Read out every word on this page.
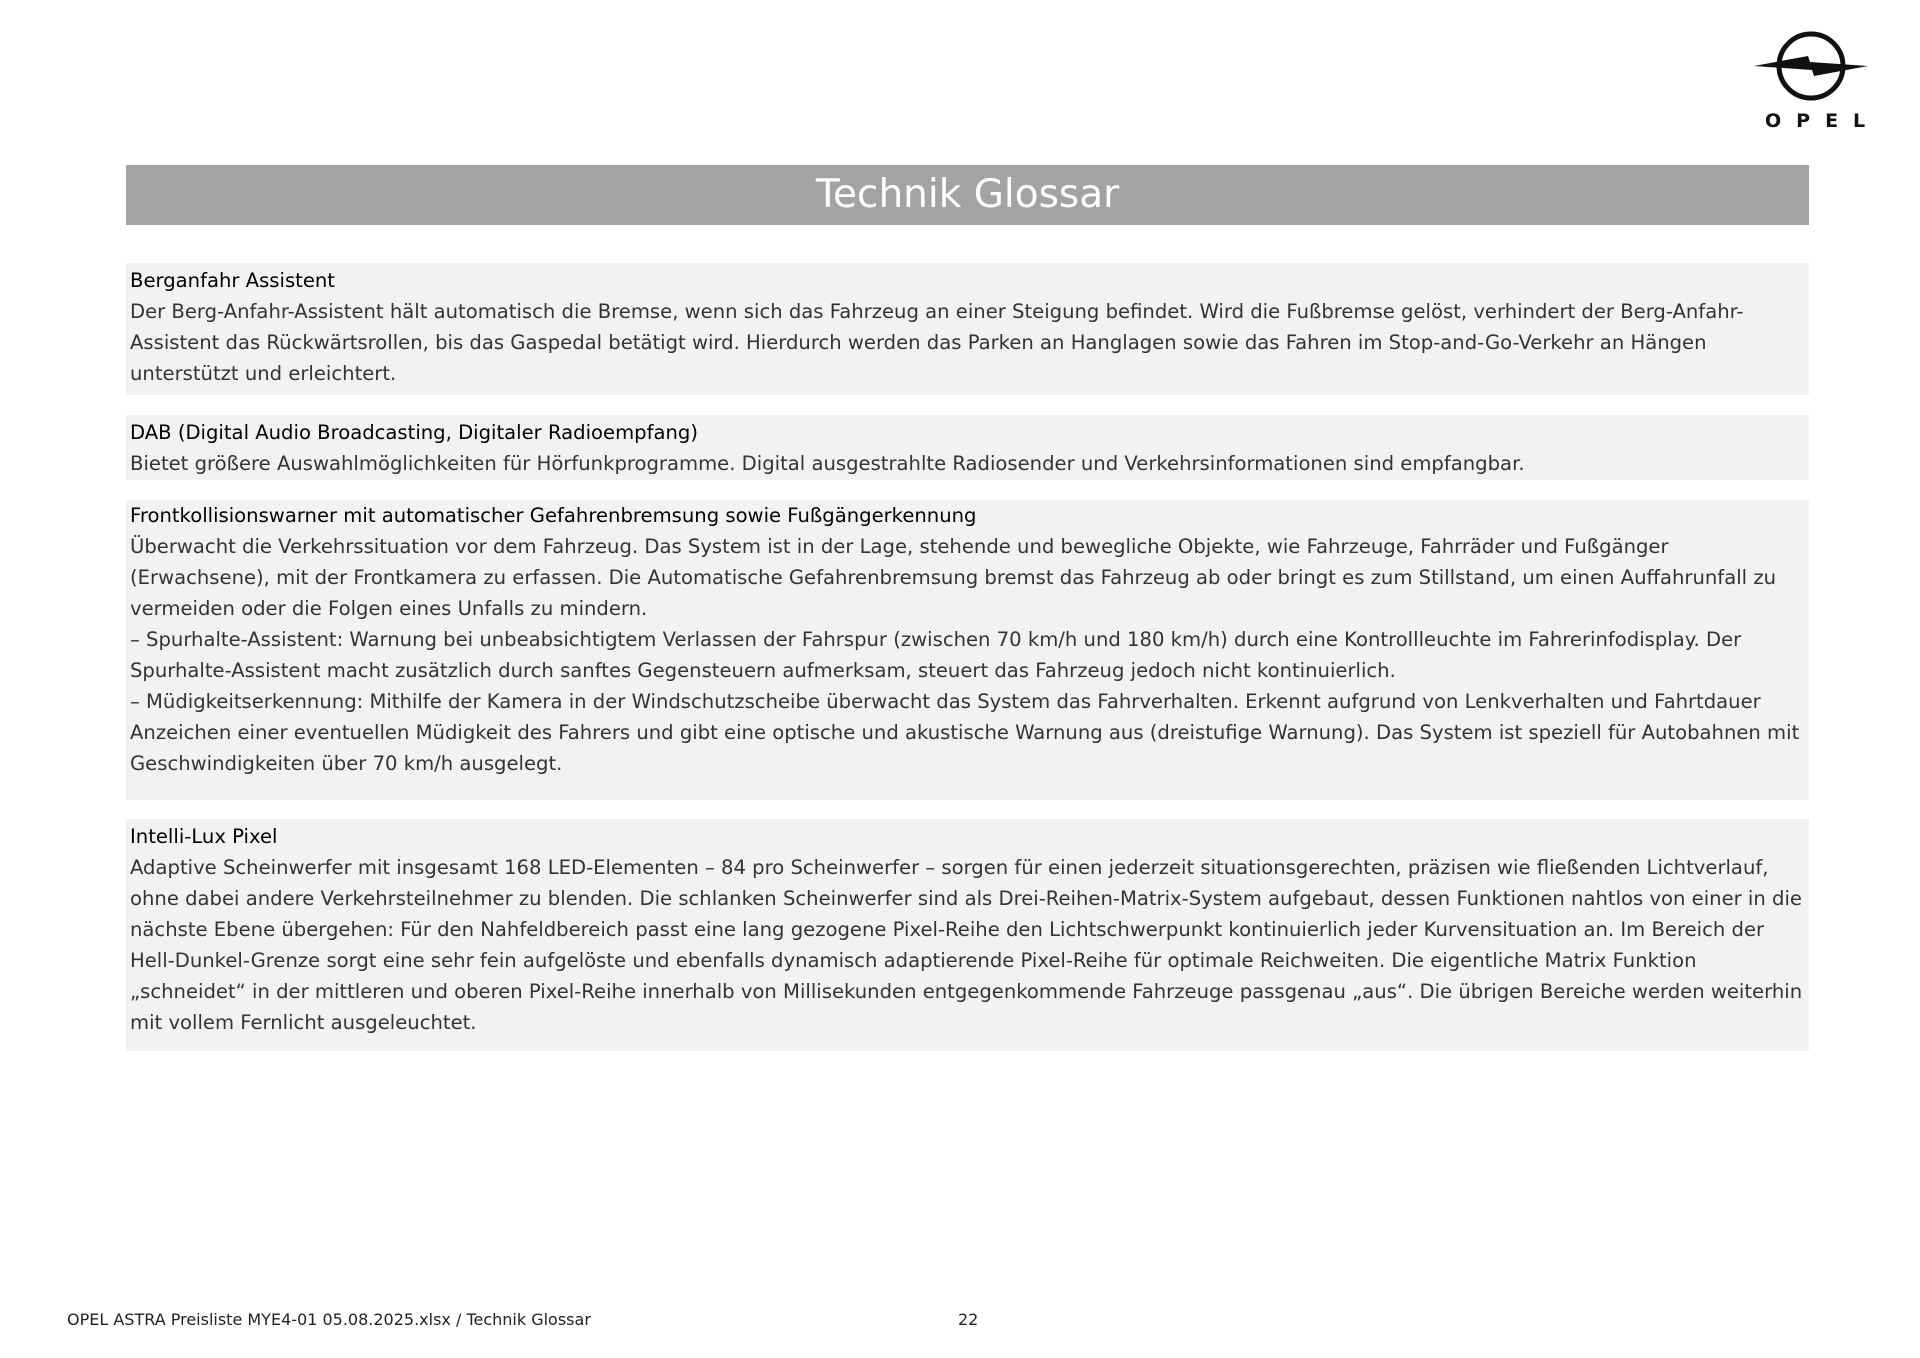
OPEL
Technik Glossar
Berganfahr Assistent

Der Berg-Anfahr-Assistent hält automatisch die Bremse, wenn sich das Fahrzeug an einer Steigung befindet. Wird die Fußbremse gelöst, verhindert der Berg-Anfahr-Assistent das Rückwärtsrollen, bis das Gaspedal betätigt wird. Hierdurch werden das Parken an Hanglagen sowie das Fahren im Stop-and-Go-Verkehr an Hängen unterstützt und erleichtert.

DAB (Digital Audio Broadcasting, Digitaler Radioempfang)

Bietet größere Auswahlmöglichkeiten für Hörfunkprogramme. Digital ausgestrahlte Radiosender und Verkehrsinformationen sind empfangbar.

Frontkollisionswarner mit automatischer Gefahrenbremsung sowie Fußgängerkennung

Überwacht die Verkehrssituation vor dem Fahrzeug. Das System ist in der Lage, stehende und bewegliche Objekte, wie Fahrzeuge, Fahrräder und Fußgänger (Erwachsene), mit der Frontkamera zu erfassen. Die Automatische Gefahrenbremsung bremst das Fahrzeug ab oder bringt es zum Stillstand, um einen Auffahrunfall zu vermeiden oder die Folgen eines Unfalls zu mindern.

– Spurhalte-Assistent: Warnung bei unbeabsichtigtem Verlassen der Fahrspur (zwischen 70 km/h und 180 km/h) durch eine Kontrollleuchte im Fahrerinfodisplay. Der Spurhalte-Assistent macht zusätzlich durch sanftes Gegensteuern aufmerksam, steuert das Fahrzeug jedoch nicht kontinuierlich.

– Müdigkeitserkennung: Mithilfe der Kamera in der Windschutzscheibe überwacht das System das Fahrverhalten. Erkennt aufgrund von Lenkverhalten und Fahrtdauer Anzeichen einer eventuellen Müdigkeit des Fahrers und gibt eine optische und akustische Warnung aus (dreistufige Warnung). Das System ist speziell für Autobahnen mit Geschwindigkeiten über 70 km/h ausgelegt.

Intelli-Lux Pixel

Adaptive Scheinwerfer mit insgesamt 168 LED-Elementen – 84 pro Scheinwerfer – sorgen für einen jederzeit situationsgerechten, präzisen wie fließenden Lichtverlauf, ohne dabei andere Verkehrsteilnehmer zu blenden. Die schlanken Scheinwerfer sind als Drei-Reihen-Matrix-System aufgebaut, dessen Funktionen nahtlos von einer in die nächste Ebene übergehen: Für den Nahfeldbereich passt eine lang gezogene Pixel-Reihe den Lichtschwerpunkt kontinuierlich jeder Kurvensituation an. Im Bereich der Hell-Dunkel-Grenze sorgt eine sehr fein aufgelöste und ebenfalls dynamisch adaptierende Pixel-Reihe für optimale Reichweiten. Die eigentliche Matrix Funktion „schneidet“ in der mittleren und oberen Pixel-Reihe innerhalb von Millisekunden entgegenkommende Fahrzeuge passgenau „aus“. Die übrigen Bereiche werden weiterhin mit vollem Fernlicht ausgeleuchtet.

OPEL ASTRA Preisliste MYE4-01 05.08.2025.xlsx / Technik Glossar	22
